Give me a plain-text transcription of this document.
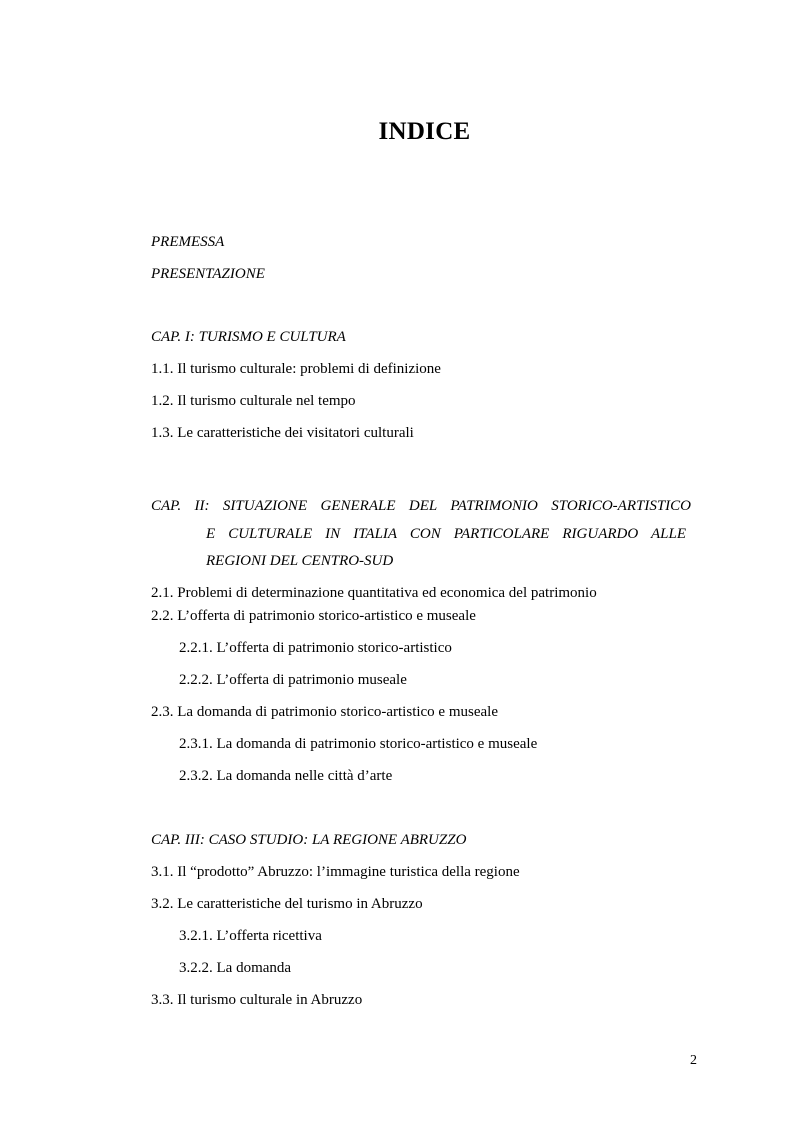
INDICE
PREMESSA
PRESENTAZIONE
CAP. I: TURISMO E CULTURA
1.1. Il turismo culturale: problemi di definizione
1.2. Il turismo culturale nel tempo
1.3. Le caratteristiche dei visitatori culturali
CAP. II: SITUAZIONE GENERALE DEL PATRIMONIO STORICO-ARTISTICO
E CULTURALE IN ITALIA CON PARTICOLARE RIGUARDO ALLE
REGIONI DEL CENTRO-SUD
2.1. Problemi di determinazione quantitativa ed economica del patrimonio
2.2. L’offerta di patrimonio storico-artistico e museale
2.2.1. L’offerta di patrimonio storico-artistico
2.2.2. L’offerta di patrimonio museale
2.3. La domanda di patrimonio storico-artistico e museale
2.3.1. La domanda di patrimonio storico-artistico e museale
2.3.2. La domanda nelle città d’arte
CAP. III: CASO STUDIO: LA REGIONE ABRUZZO
3.1. Il “prodotto” Abruzzo: l’immagine turistica della regione
3.2. Le caratteristiche del turismo in Abruzzo
3.2.1. L’offerta ricettiva
3.2.2. La domanda
3.3. Il turismo culturale in Abruzzo
2
